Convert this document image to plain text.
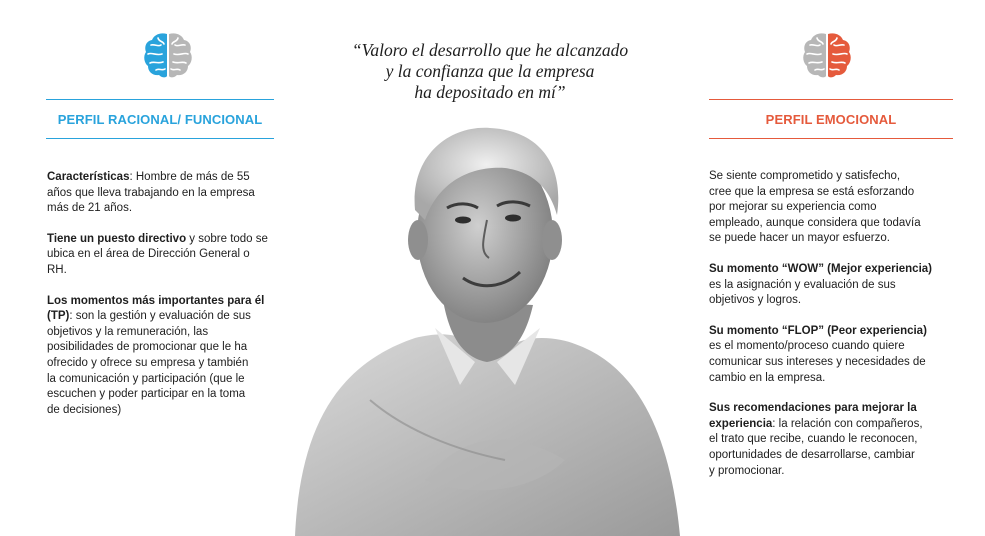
PERFIL RACIONAL/ FUNCIONAL

Características: Hombre de más de 55
años que lleva trabajando en la empresa
más de 21 años.

Tiene un puesto directivo y sobre todo se
ubica en el área de Dirección General o
RH.

Los momentos más importantes para él
(TP): son la gestión y evaluación de sus
objetivos y la remuneración, las
posibilidades de promocionar que le ha
ofrecido y ofrece su empresa y también
la comunicación y participación (que le
escuchen y poder participar en la toma
de decisiones)

“Valoro el desarrollo que he alcanzado
y la confianza que la empresa
ha depositado en mí”
PERFIL EMOCIONAL

Se siente comprometido y satisfecho,
cree que la empresa se está esforzando
por mejorar su experiencia como
empleado, aunque considera que todavía
se puede hacer un mayor esfuerzo.

Su momento “WOW” (Mejor experiencia)
es la asignación y evaluación de sus
objetivos y logros.

Su momento “FLOP” (Peor experiencia)
es el momento/proceso cuando quiere
comunicar sus intereses y necesidades de
cambio en la empresa.

Sus recomendaciones para mejorar la
experiencia: la relación con compañeros,
el trato que recibe, cuando le reconocen,
oportunidades de desarrollarse, cambiar
y promocionar.
